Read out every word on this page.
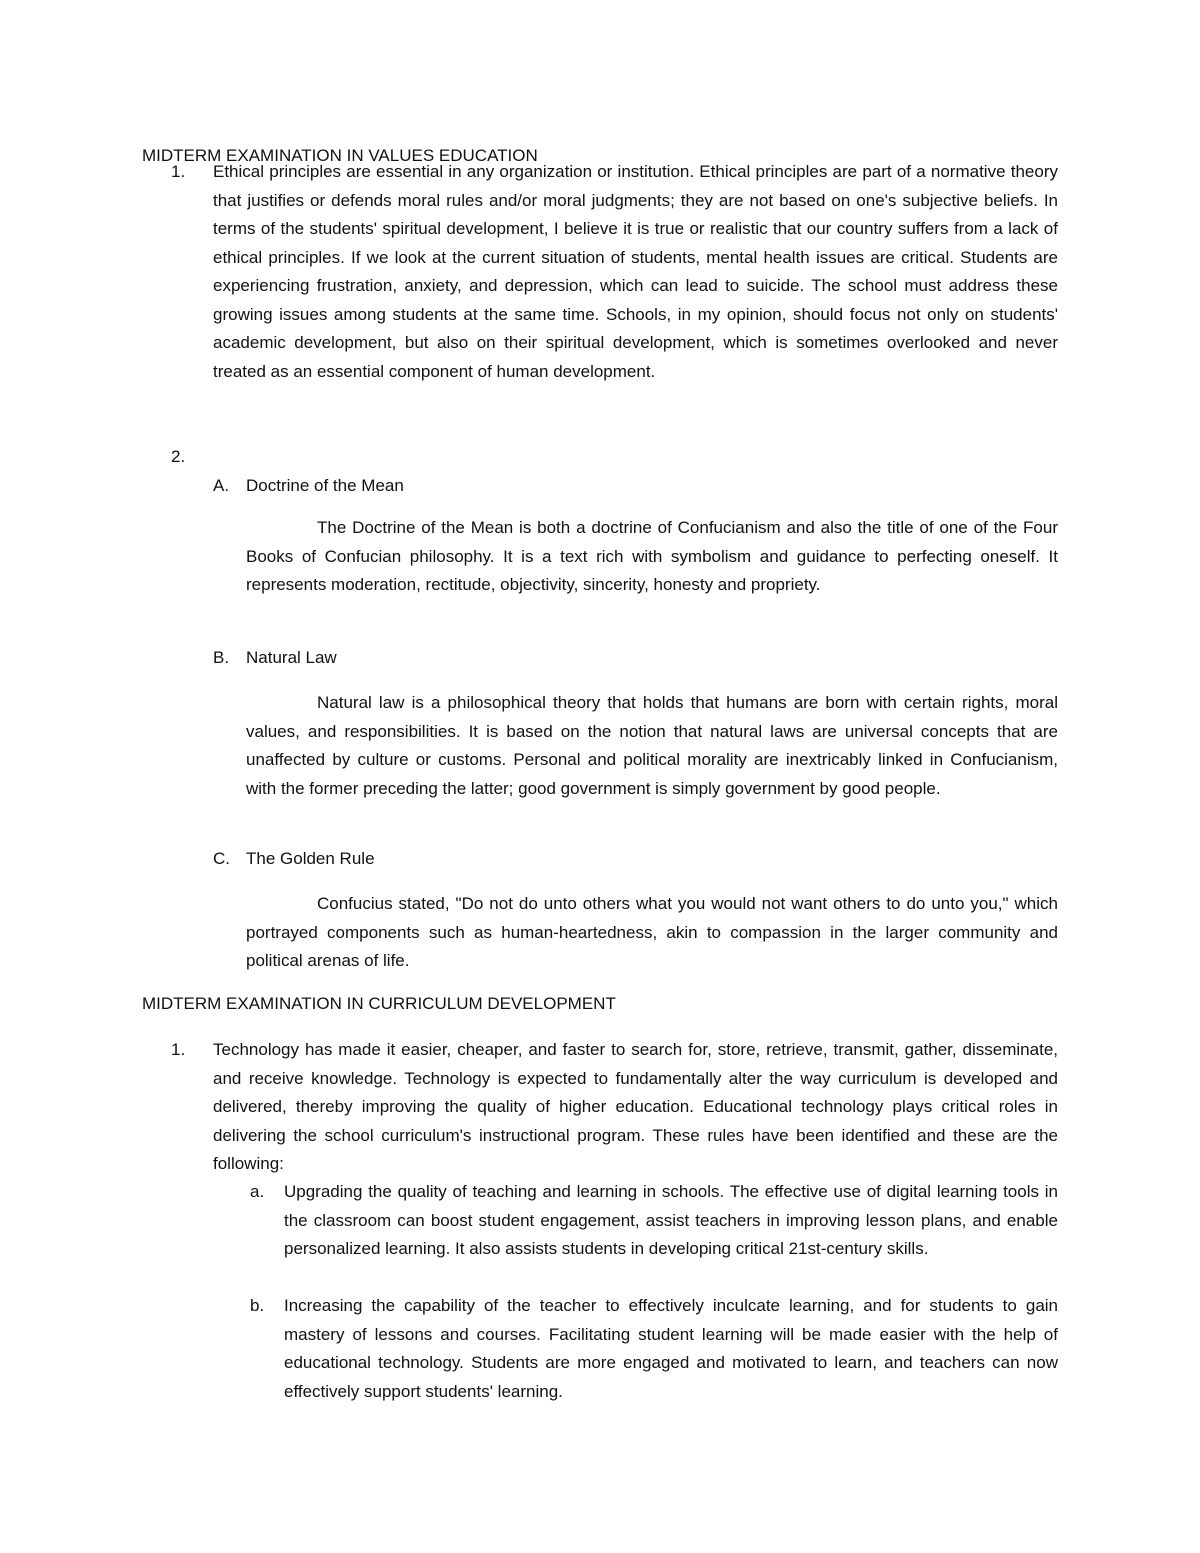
MIDTERM EXAMINATION IN VALUES EDUCATION
1. Ethical principles are essential in any organization or institution. Ethical principles are part of a normative theory that justifies or defends moral rules and/or moral judgments; they are not based on one's subjective beliefs. In terms of the students' spiritual development, I believe it is true or realistic that our country suffers from a lack of ethical principles. If we look at the current situation of students, mental health issues are critical. Students are experiencing frustration, anxiety, and depression, which can lead to suicide. The school must address these growing issues among students at the same time. Schools, in my opinion, should focus not only on students' academic development, but also on their spiritual development, which is sometimes overlooked and never treated as an essential component of human development.
2.
A. Doctrine of the Mean
The Doctrine of the Mean is both a doctrine of Confucianism and also the title of one of the Four Books of Confucian philosophy. It is a text rich with symbolism and guidance to perfecting oneself. It represents moderation, rectitude, objectivity, sincerity, honesty and propriety.
B. Natural Law
Natural law is a philosophical theory that holds that humans are born with certain rights, moral values, and responsibilities. It is based on the notion that natural laws are universal concepts that are unaffected by culture or customs. Personal and political morality are inextricably linked in Confucianism, with the former preceding the latter; good government is simply government by good people.
C. The Golden Rule
Confucius stated, "Do not do unto others what you would not want others to do unto you," which portrayed components such as human-heartedness, akin to compassion in the larger community and political arenas of life.
MIDTERM EXAMINATION IN CURRICULUM DEVELOPMENT
1. Technology has made it easier, cheaper, and faster to search for, store, retrieve, transmit, gather, disseminate, and receive knowledge. Technology is expected to fundamentally alter the way curriculum is developed and delivered, thereby improving the quality of higher education. Educational technology plays critical roles in delivering the school curriculum's instructional program. These rules have been identified and these are the following:
a. Upgrading the quality of teaching and learning in schools. The effective use of digital learning tools in the classroom can boost student engagement, assist teachers in improving lesson plans, and enable personalized learning. It also assists students in developing critical 21st-century skills.
b. Increasing the capability of the teacher to effectively inculcate learning, and for students to gain mastery of lessons and courses. Facilitating student learning will be made easier with the help of educational technology. Students are more engaged and motivated to learn, and teachers can now effectively support students' learning.
